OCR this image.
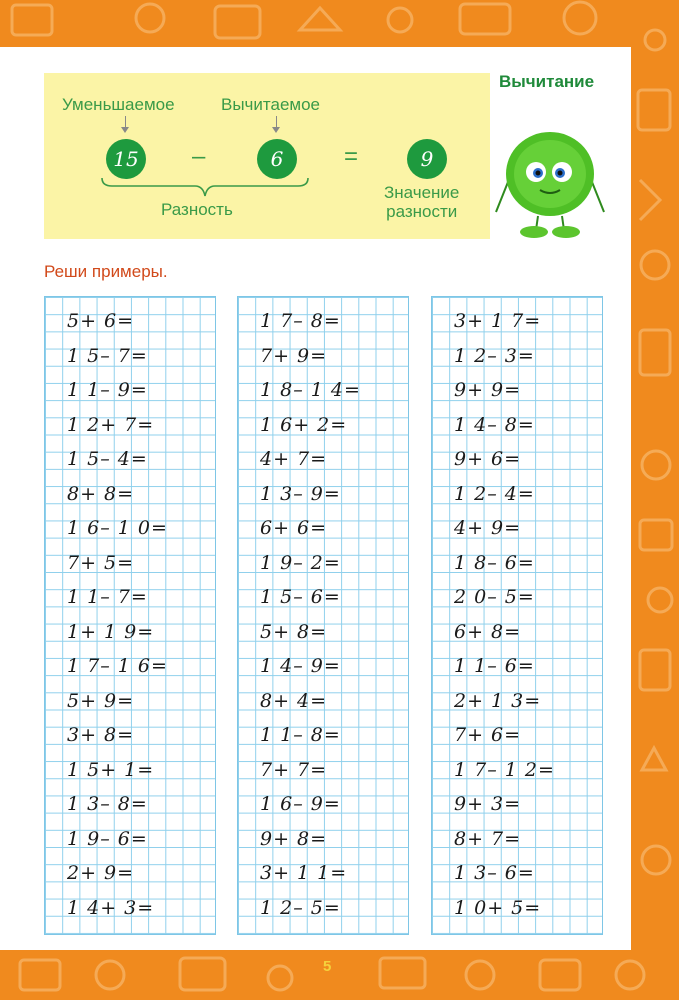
Вычитание
Уменьшаемое	Вычитаемое
15	–	6	=	9
Разность
Значение
разности
Реши примеры.
5+ 6=
1 5– 7=
1 1– 9=
1 2+ 7=
1 5– 4=
8+ 8=
1 6– 1 0=
7+ 5=
1 1– 7=
1+ 1 9=
1 7– 1 6=
5+ 9=
3+ 8=
1 5+ 1=
1 3– 8=
1 9– 6=
2+ 9=
1 4+ 3=
1 7– 8=
7+ 9=
1 8– 1 4=
1 6+ 2=
4+ 7=
1 3– 9=
6+ 6=
1 9– 2=
1 5– 6=
5+ 8=
1 4– 9=
8+ 4=
1 1– 8=
7+ 7=
1 6– 9=
9+ 8=
3+ 1 1=
1 2– 5=
3+ 1 7=
1 2– 3=
9+ 9=
1 4– 8=
9+ 6=
1 2– 4=
4+ 9=
1 8– 6=
2 0– 5=
6+ 8=
1 1– 6=
2+ 1 3=
7+ 6=
1 7– 1 2=
9+ 3=
8+ 7=
1 3– 6=
1 0+ 5=
5
